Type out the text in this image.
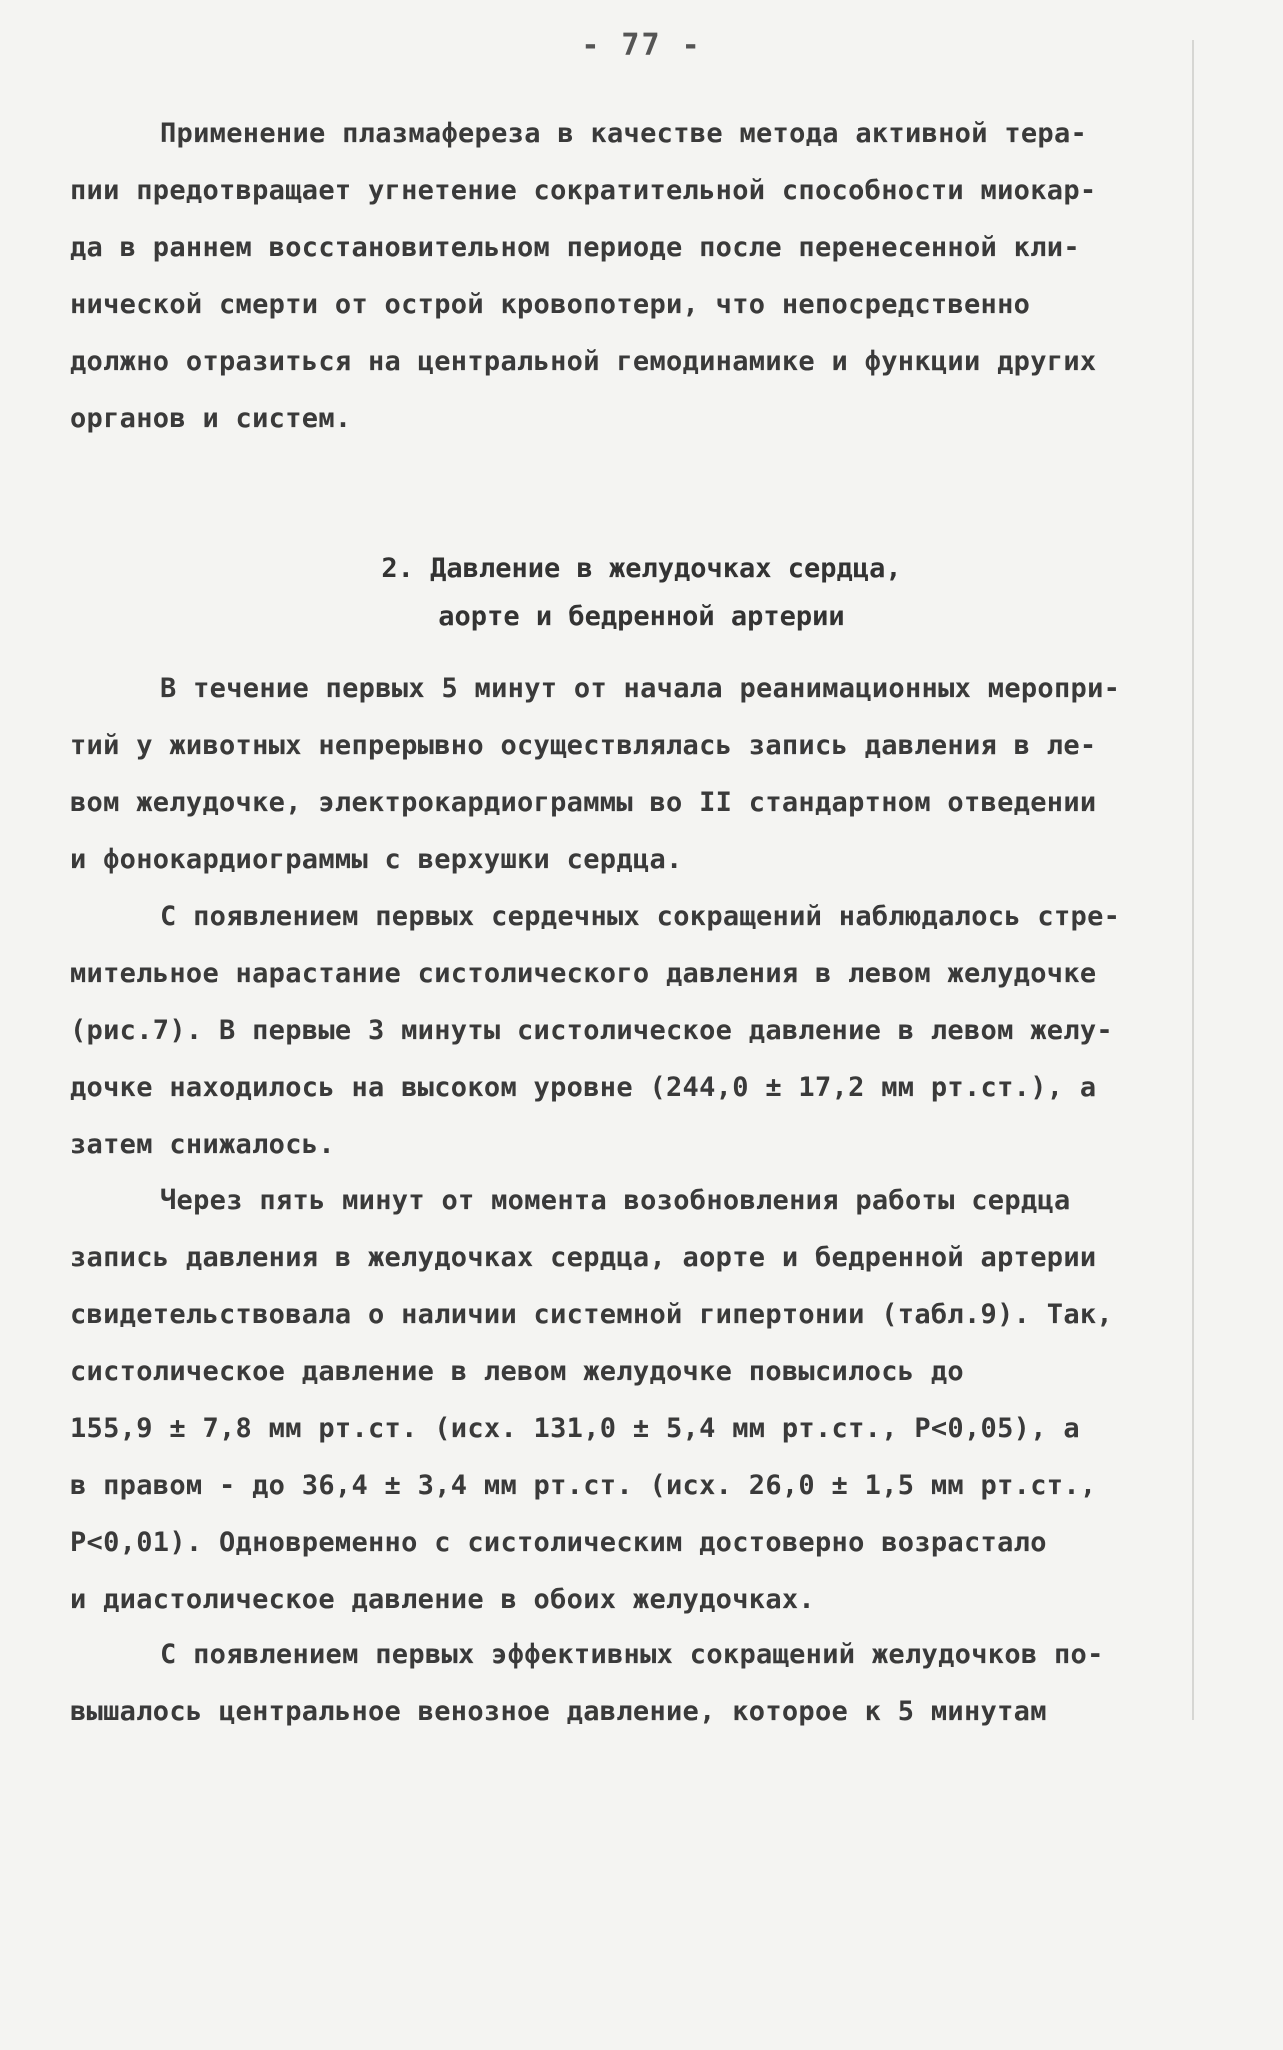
- 77 -
Применение плазмафереза в качестве метода активной тера-
пии предотвращает угнетение сократительной способности миокар-
да в раннем восстановительном периоде после перенесенной кли-
нической смерти от острой кровопотери, что непосредственно
должно отразиться на центральной гемодинамике и функции других
органов и систем.
2. Давление в желудочках сердца,
аорте и бедренной артерии
В течение первых 5 минут от начала реанимационных меропри-
тий у животных непрерывно осуществлялась запись давления в ле-
вом желудочке, электрокардиограммы во II стандартном отведении
и фонокардиограммы с верхушки сердца.
С появлением первых сердечных сокращений наблюдалось стре-
мительное нарастание систолического давления в левом желудочке
(рис.7). В первые 3 минуты систолическое давление в левом желу-
дочке находилось на высоком уровне (244,0 ± 17,2 мм рт.ст.), а
затем снижалось.
Через пять минут от момента возобновления работы сердца
запись давления в желудочках сердца, аорте и бедренной артерии
свидетельствовала о наличии системной гипертонии (табл.9). Так,
систолическое давление в левом желудочке повысилось до
155,9 ± 7,8 мм рт.ст. (исх. 131,0 ± 5,4 мм рт.ст., P<0,05), а
в правом - до 36,4 ± 3,4 мм рт.ст. (исх. 26,0 ± 1,5 мм рт.ст.,
P<0,01). Одновременно с систолическим достоверно возрастало
и диастолическое давление в обоих желудочках.
С появлением первых эффективных сокращений желудочков по-
вышалось центральное венозное давление, которое к 5 минутам
